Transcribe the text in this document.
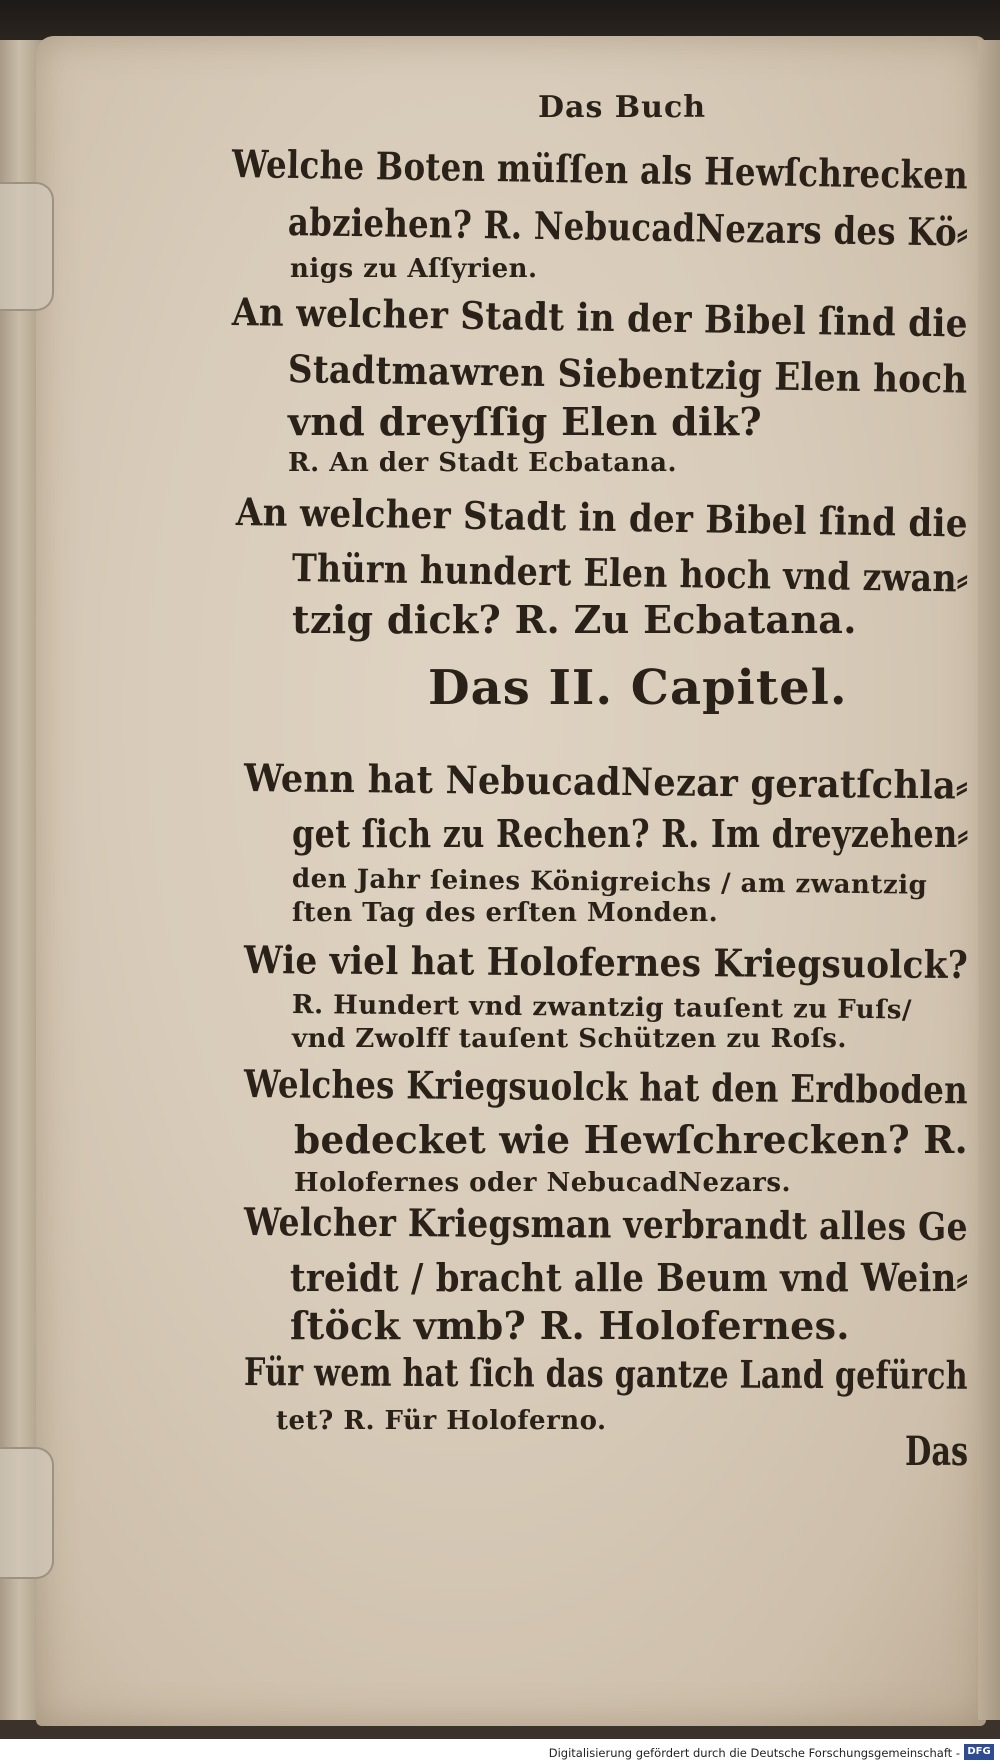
Das Buch
Welche Boten müſſen als Hewſchrecken
abziehen? R. NebucadNezars des Kö⸗
nigs zu Aſſyrien.
An welcher Stadt in der Bibel ſind die
Stadtmawren Siebentzig Elen hoch
vnd dreyſſig Elen dik?
R. An der Stadt Ecbatana.
An welcher Stadt in der Bibel ſind die
Thürn hundert Elen hoch vnd zwan⸗
tzig dick? R. Zu Ecbatana.
Das II. Capitel.
Wenn hat NebucadNezar geratſchla⸗
get ſich zu Rechen? R. Im dreyzehen⸗
den Jahr ſeines Königreichs / am zwantzig
ſten Tag des erſten Monden.
Wie viel hat Holofernes Kriegsuolck?
R. Hundert vnd zwantzig tauſent zu Fuſs/
vnd Zwolff tauſent Schützen zu Roſs.
Welches Kriegsuolck hat den Erdboden
bedecket wie Hewſchrecken? R.
Holofernes oder NebucadNezars.
Welcher Kriegsman verbrandt alles Ge
treidt / bracht alle Beum vnd Wein⸗
ſtöck vmb? R. Holofernes.
Für wem hat ſich das gantze Land gefürch
tet? R. Für Holoferno.
Das
Digitalisierung gefördert durch die Deutsche Forschungsgemeinschaft - DFG
